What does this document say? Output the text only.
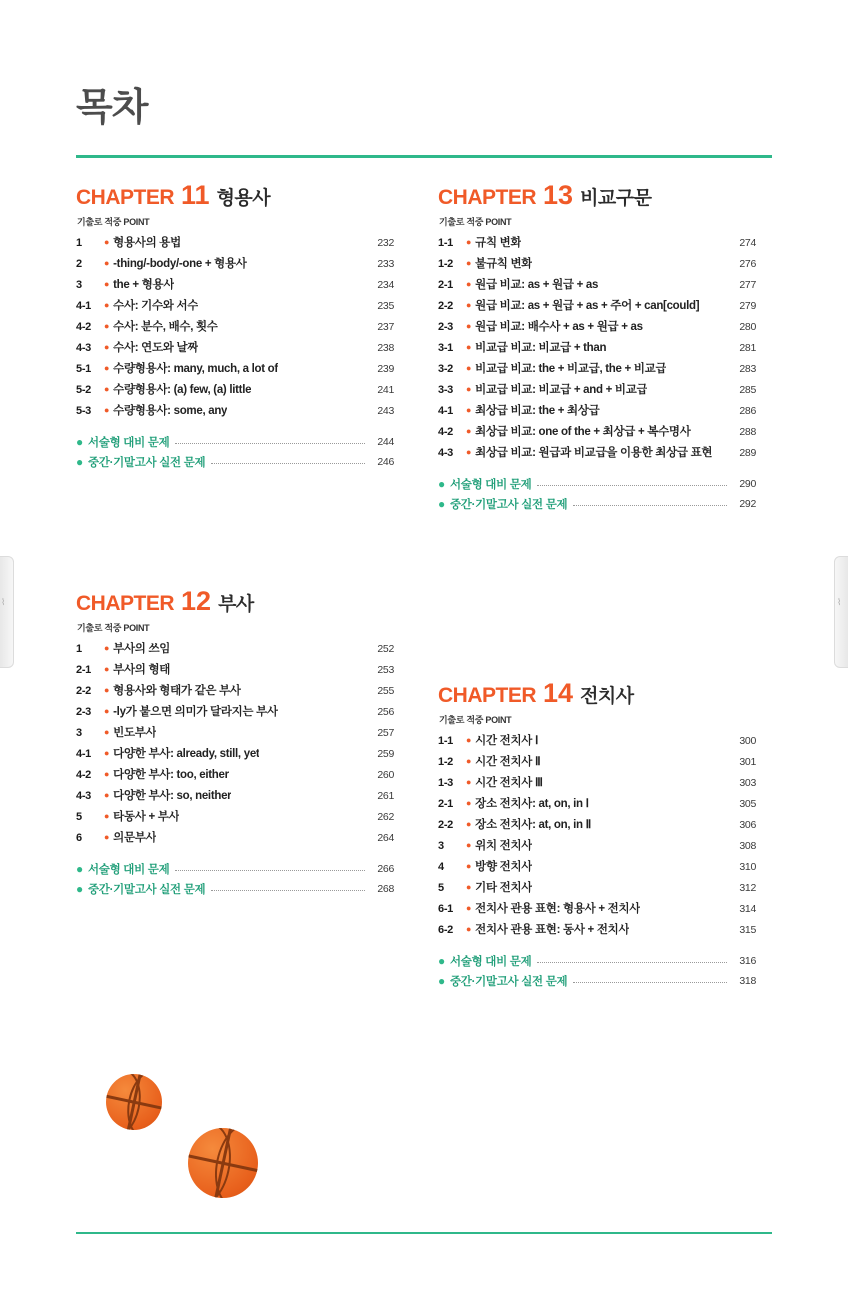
목차
⌇	⌇
CHAPTER 11 형용사
기출로 적중 POINT
1	● 형용사의 용법	232
2	● -thing/-body/-one + 형용사	233
3	● the + 형용사	234
4-1	● 수사: 기수와 서수	235
4-2	● 수사: 분수, 배수, 횟수	237
4-3	● 수사: 연도와 날짜	238
5-1	● 수량형용사: many, much, a lot of	239
5-2	● 수량형용사: (a) few, (a) little	241
5-3	● 수량형용사: some, any	243
● 서술형 대비 문제	244
● 중간·기말고사 실전 문제	246
CHAPTER 12 부사
기출로 적중 POINT
1	● 부사의 쓰임	252
2-1	● 부사의 형태	253
2-2	● 형용사와 형태가 같은 부사	255
2-3	● -ly가 붙으면 의미가 달라지는 부사	256
3	● 빈도부사	257
4-1	● 다양한 부사: already, still, yet	259
4-2	● 다양한 부사: too, either	260
4-3	● 다양한 부사: so, neither	261
5	● 타동사 + 부사	262
6	● 의문부사	264
● 서술형 대비 문제	266
● 중간·기말고사 실전 문제	268
CHAPTER 13 비교구문
기출로 적중 POINT
1-1	● 규칙 변화	274
1-2	● 불규칙 변화	276
2-1	● 원급 비교: as + 원급 + as	277
2-2	● 원급 비교: as + 원급 + as + 주어 + can[could]	279
2-3	● 원급 비교: 배수사 + as + 원급 + as	280
3-1	● 비교급 비교: 비교급 + than	281
3-2	● 비교급 비교: the + 비교급, the + 비교급	283
3-3	● 비교급 비교: 비교급 + and + 비교급	285
4-1	● 최상급 비교: the + 최상급	286
4-2	● 최상급 비교: one of the + 최상급 + 복수명사	288
4-3	● 최상급 비교: 원급과 비교급을 이용한 최상급 표현	289
● 서술형 대비 문제	290
● 중간·기말고사 실전 문제	292
CHAPTER 14 전치사
기출로 적중 POINT
1-1	● 시간 전치사 Ⅰ	300
1-2	● 시간 전치사 Ⅱ	301
1-3	● 시간 전치사 Ⅲ	303
2-1	● 장소 전치사: at, on, in Ⅰ	305
2-2	● 장소 전치사: at, on, in Ⅱ	306
3	● 위치 전치사	308
4	● 방향 전치사	310
5	● 기타 전치사	312
6-1	● 전치사 관용 표현: 형용사 + 전치사	314
6-2	● 전치사 관용 표현: 동사 + 전치사	315
● 서술형 대비 문제	316
● 중간·기말고사 실전 문제	318
